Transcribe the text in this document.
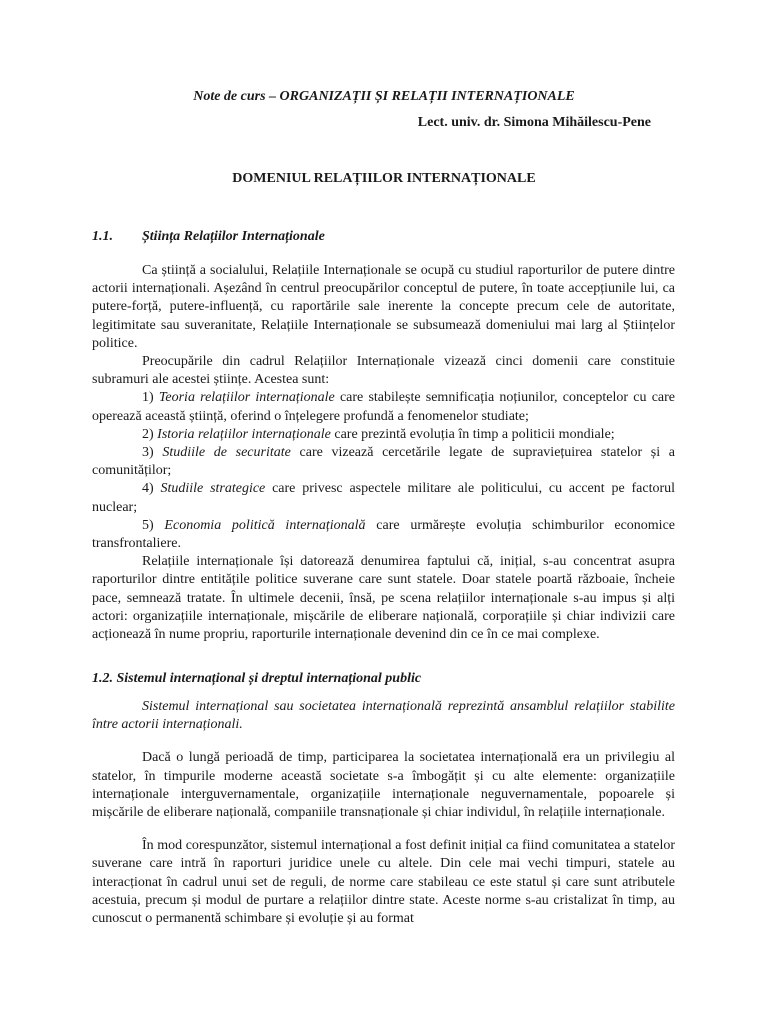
Note de curs – ORGANIZAȚII ȘI RELAȚII INTERNAȚIONALE
Lect. univ. dr. Simona Mihăilescu-Pene
DOMENIUL RELAȚIILOR INTERNAȚIONALE
1.1. Știința Relațiilor Internaționale

Ca știință a socialului, Relațiile Internaționale se ocupă cu studiul raporturilor de putere dintre actorii internaționali. Așezând în centrul preocupărilor conceptul de putere, în toate accepțiunile lui, ca putere-forță, putere-influență, cu raportările sale inerente la concepte precum cele de autoritate, legitimitate sau suveranitate, Relațiile Internaționale se subsumează domeniului mai larg al Științelor politice.

Preocupările din cadrul Relațiilor Internaționale vizează cinci domenii care constituie subramuri ale acestei științe. Acestea sunt:

1) Teoria relațiilor internaționale care stabilește semnificația noțiunilor, conceptelor cu care operează această știință, oferind o înțelegere profundă a fenomenelor studiate;

2) Istoria relațiilor internaționale care prezintă evoluția în timp a politicii mondiale;

3) Studiile de securitate care vizează cercetările legate de supraviețuirea statelor și a comunităților;

4) Studiile strategice care privesc aspectele militare ale politicului, cu accent pe factorul nuclear;

5) Economia politică internațională care urmărește evoluția schimburilor economice transfrontaliere.

Relațiile internaționale își datorează denumirea faptului că, inițial, s-au concentrat asupra raporturilor dintre entitățile politice suverane care sunt statele. Doar statele poartă războaie, încheie pace, semnează tratate. În ultimele decenii, însă, pe scena relațiilor internaționale s-au impus și alți actori: organizațiile internaționale, mișcările de eliberare națională, corporațiile și chiar indivizii care acționează în nume propriu, raporturile internaționale devenind din ce în ce mai complexe.

1.2. Sistemul internațional și dreptul internațional public

Sistemul internațional sau societatea internațională reprezintă ansamblul relațiilor stabilite între actorii internaționali.

Dacă o lungă perioadă de timp, participarea la societatea internațională era un privilegiu al statelor, în timpurile moderne această societate s-a îmbogățit și cu alte elemente: organizațiile internaționale interguvernamentale, organizațiile internaționale neguvernamentale, popoarele și mișcările de eliberare națională, companiile transnaționale și chiar individul, în relațiile internaționale.

În mod corespunzător, sistemul internațional a fost definit inițial ca fiind comunitatea a statelor suverane care intră în raporturi juridice unele cu altele. Din cele mai vechi timpuri, statele au interacționat în cadrul unui set de reguli, de norme care stabileau ce este statul și care sunt atributele acestuia, precum și modul de purtare a relațiilor dintre state. Aceste norme s-au cristalizat în timp, au cunoscut o permanentă schimbare și evoluție și au format
